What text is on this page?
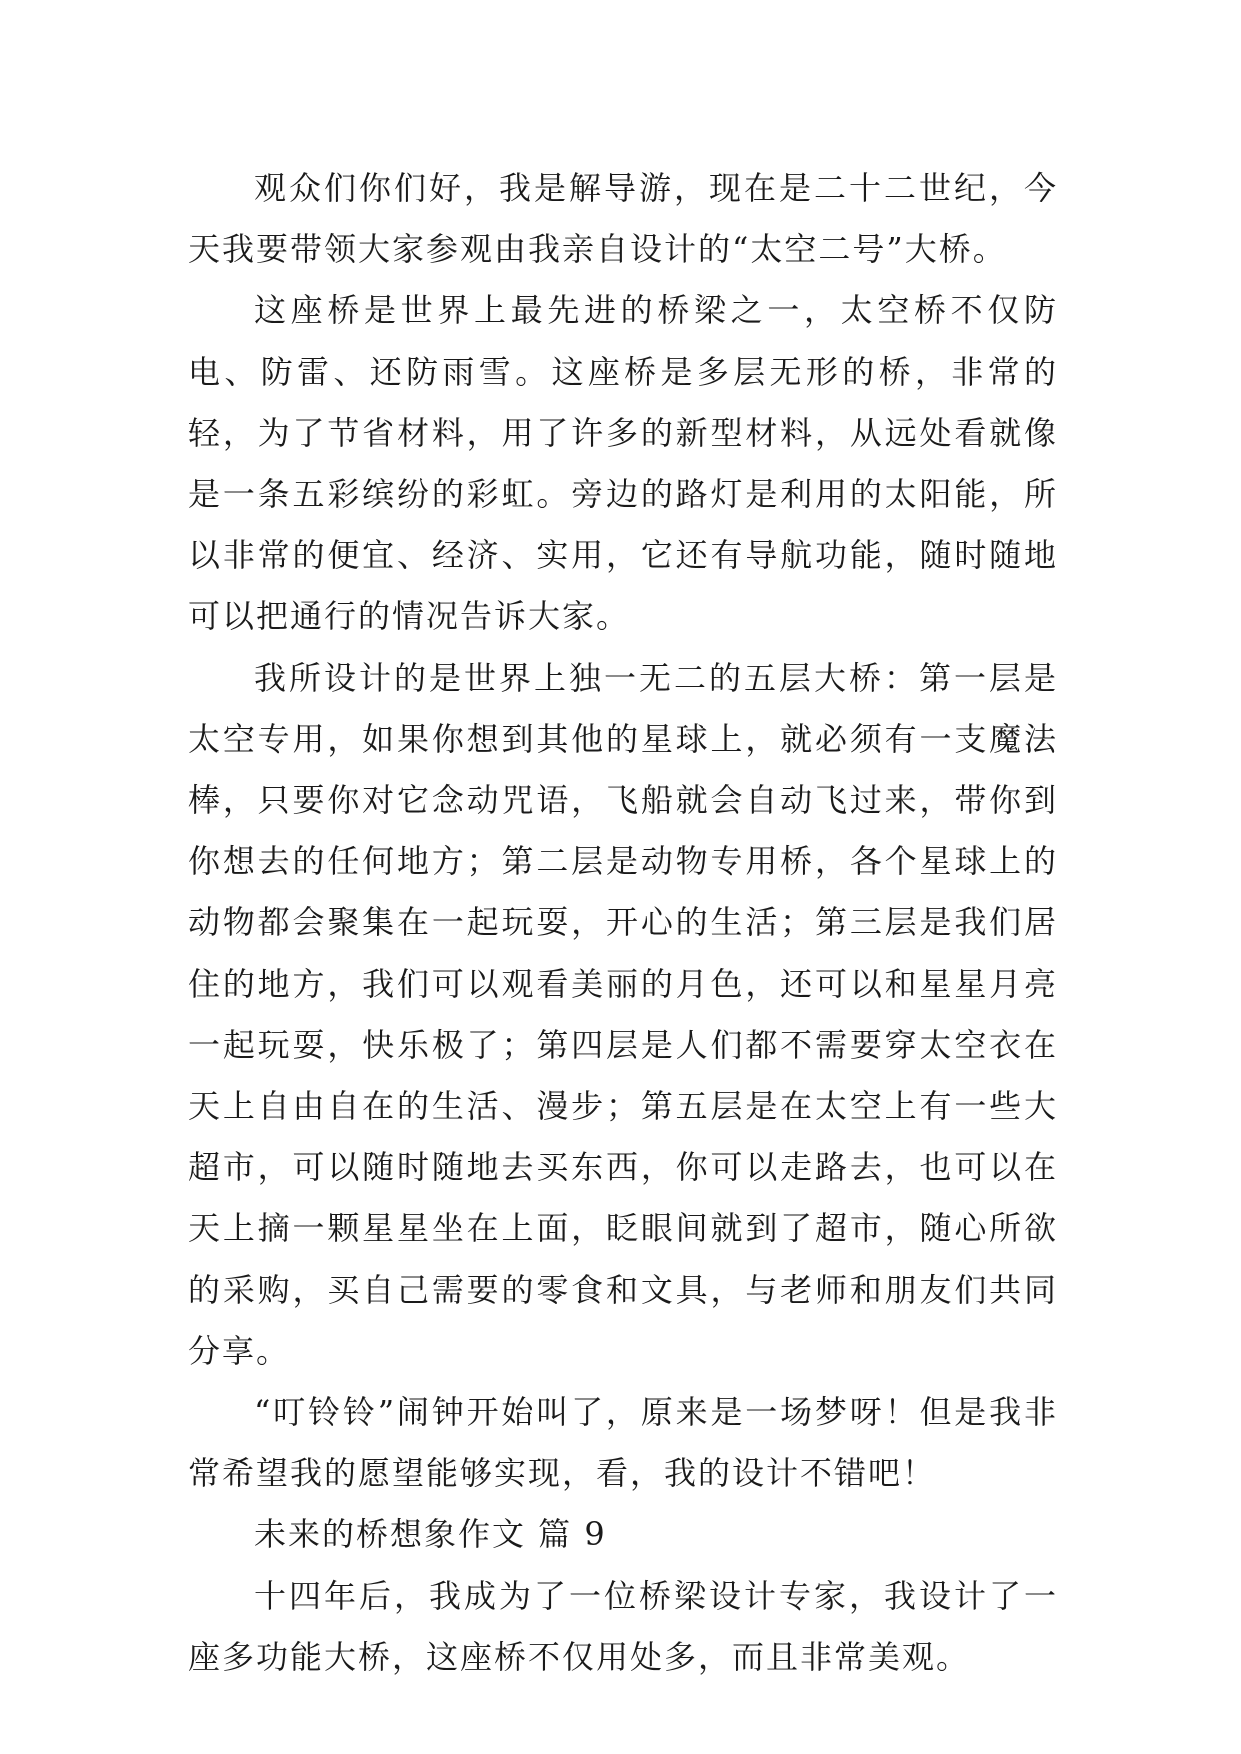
观众们你们好，我是解导游，现在是二十二世纪，今天我要带领大家参观由我亲自设计的“太空二号”大桥。

这座桥是世界上最先进的桥梁之一，太空桥不仅防电、防雷、还防雨雪。这座桥是多层无形的桥，非常的轻，为了节省材料，用了许多的新型材料，从远处看就像是一条五彩缤纷的彩虹。旁边的路灯是利用的太阳能，所以非常的便宜、经济、实用，它还有导航功能，随时随地可以把通行的情况告诉大家。

我所设计的是世界上独一无二的五层大桥：第一层是太空专用，如果你想到其他的星球上，就必须有一支魔法棒，只要你对它念动咒语，飞船就会自动飞过来，带你到你想去的任何地方；第二层是动物专用桥，各个星球上的动物都会聚集在一起玩耍，开心的生活；第三层是我们居住的地方，我们可以观看美丽的月色，还可以和星星月亮一起玩耍，快乐极了；第四层是人们都不需要穿太空衣在天上自由自在的生活、漫步；第五层是在太空上有一些大超市，可以随时随地去买东西，你可以走路去，也可以在天上摘一颗星星坐在上面，眨眼间就到了超市，随心所欲的采购，买自己需要的零食和文具，与老师和朋友们共同分享。

“叮铃铃”闹钟开始叫了，原来是一场梦呀！但是我非常希望我的愿望能够实现，看，我的设计不错吧！

未来的桥想象作文 篇 9

十四年后，我成为了一位桥梁设计专家，我设计了一座多功能大桥，这座桥不仅用处多，而且非常美观。
